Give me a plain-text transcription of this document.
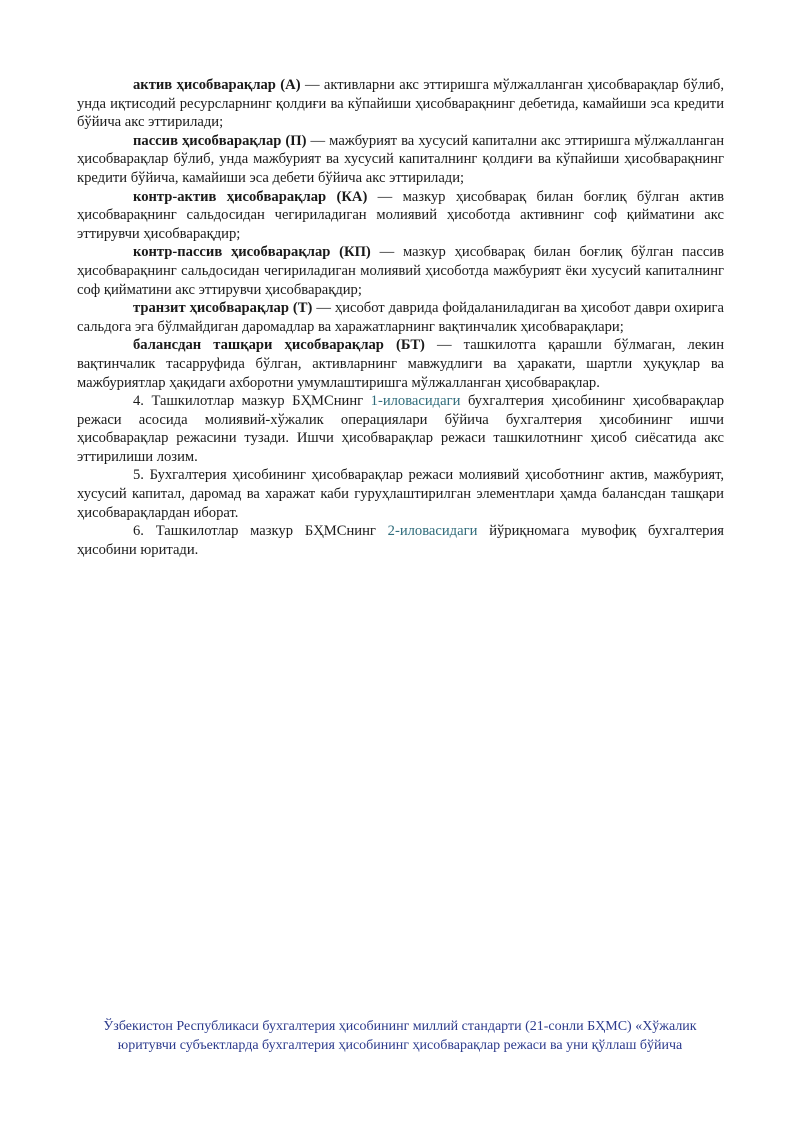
актив ҳисобварақлар (А) — активларни акс эттиришга мўлжалланган ҳисобварақлар бўлиб, унда иқтисодий ресурсларнинг қолдиғи ва кўпайиши ҳисобварақнинг дебетида, камайиши эса кредити бўйича акс эттирилади;

пассив ҳисобварақлар (П) — мажбурият ва хусусий капитални акс эттиришга мўлжалланган ҳисобварақлар бўлиб, унда мажбурият ва хусусий капиталнинг қолдиғи ва кўпайиши ҳисобварақнинг кредити бўйича, камайиши эса дебети бўйича акс эттирилади;

контр-актив ҳисобварақлар (КА) — мазкур ҳисобварақ билан боғлиқ бўлган актив ҳисобварақнинг сальдосидан чегириладиган молиявий ҳисоботда активнинг соф қийматини акс эттирувчи ҳисобварақдир;

контр-пассив ҳисобварақлар (КП) — мазкур ҳисобварақ билан боғлиқ бўлган пассив ҳисобварақнинг сальдосидан чегириладиган молиявий ҳисоботда мажбурият ёки хусусий капиталнинг соф қийматини акс эттирувчи ҳисобварақдир;

транзит ҳисобварақлар (Т) — ҳисобот даврида фойдаланиладиган ва ҳисобот даври охирига сальдога эга бўлмайдиган даромадлар ва харажатларнинг вақтинчалик ҳисобварақлари;

балансдан ташқари ҳисобварақлар (БТ) — ташкилотга қарашли бўлмаган, лекин вақтинчалик тасарруфида бўлган, активларнинг мавжудлиги ва ҳаракати, шартли ҳуқуқлар ва мажбуриятлар ҳақидаги ахборотни умумлаштиришга мўлжалланган ҳисобварақлар.

4. Ташкилотлар мазкур БҲМСнинг 1-иловасидаги бухгалтерия ҳисобининг ҳисобварақлар режаси асосида молиявий-хўжалик операциялари бўйича бухгалтерия ҳисобининг ишчи ҳисобварақлар режасини тузади. Ишчи ҳисобварақлар режаси ташкилотнинг ҳисоб сиёсатида акс эттирилиши лозим.

5. Бухгалтерия ҳисобининг ҳисобварақлар режаси молиявий ҳисоботнинг актив, мажбурият, хусусий капитал, даромад ва харажат каби гуруҳлаштирилган элементлари ҳамда балансдан ташқари ҳисобварақлардан иборат.

6. Ташкилотлар мазкур БҲМСнинг 2-иловасидаги йўриқномага мувофиқ бухгалтерия ҳисобини юритади.

Ўзбекистон Республикаси бухгалтерия ҳисобининг миллий стандарти (21-сонли БҲМС) «Хўжалик
юритувчи субъектларда бухгалтерия ҳисобининг ҳисобварақлар режаси ва уни қўллаш бўйича
